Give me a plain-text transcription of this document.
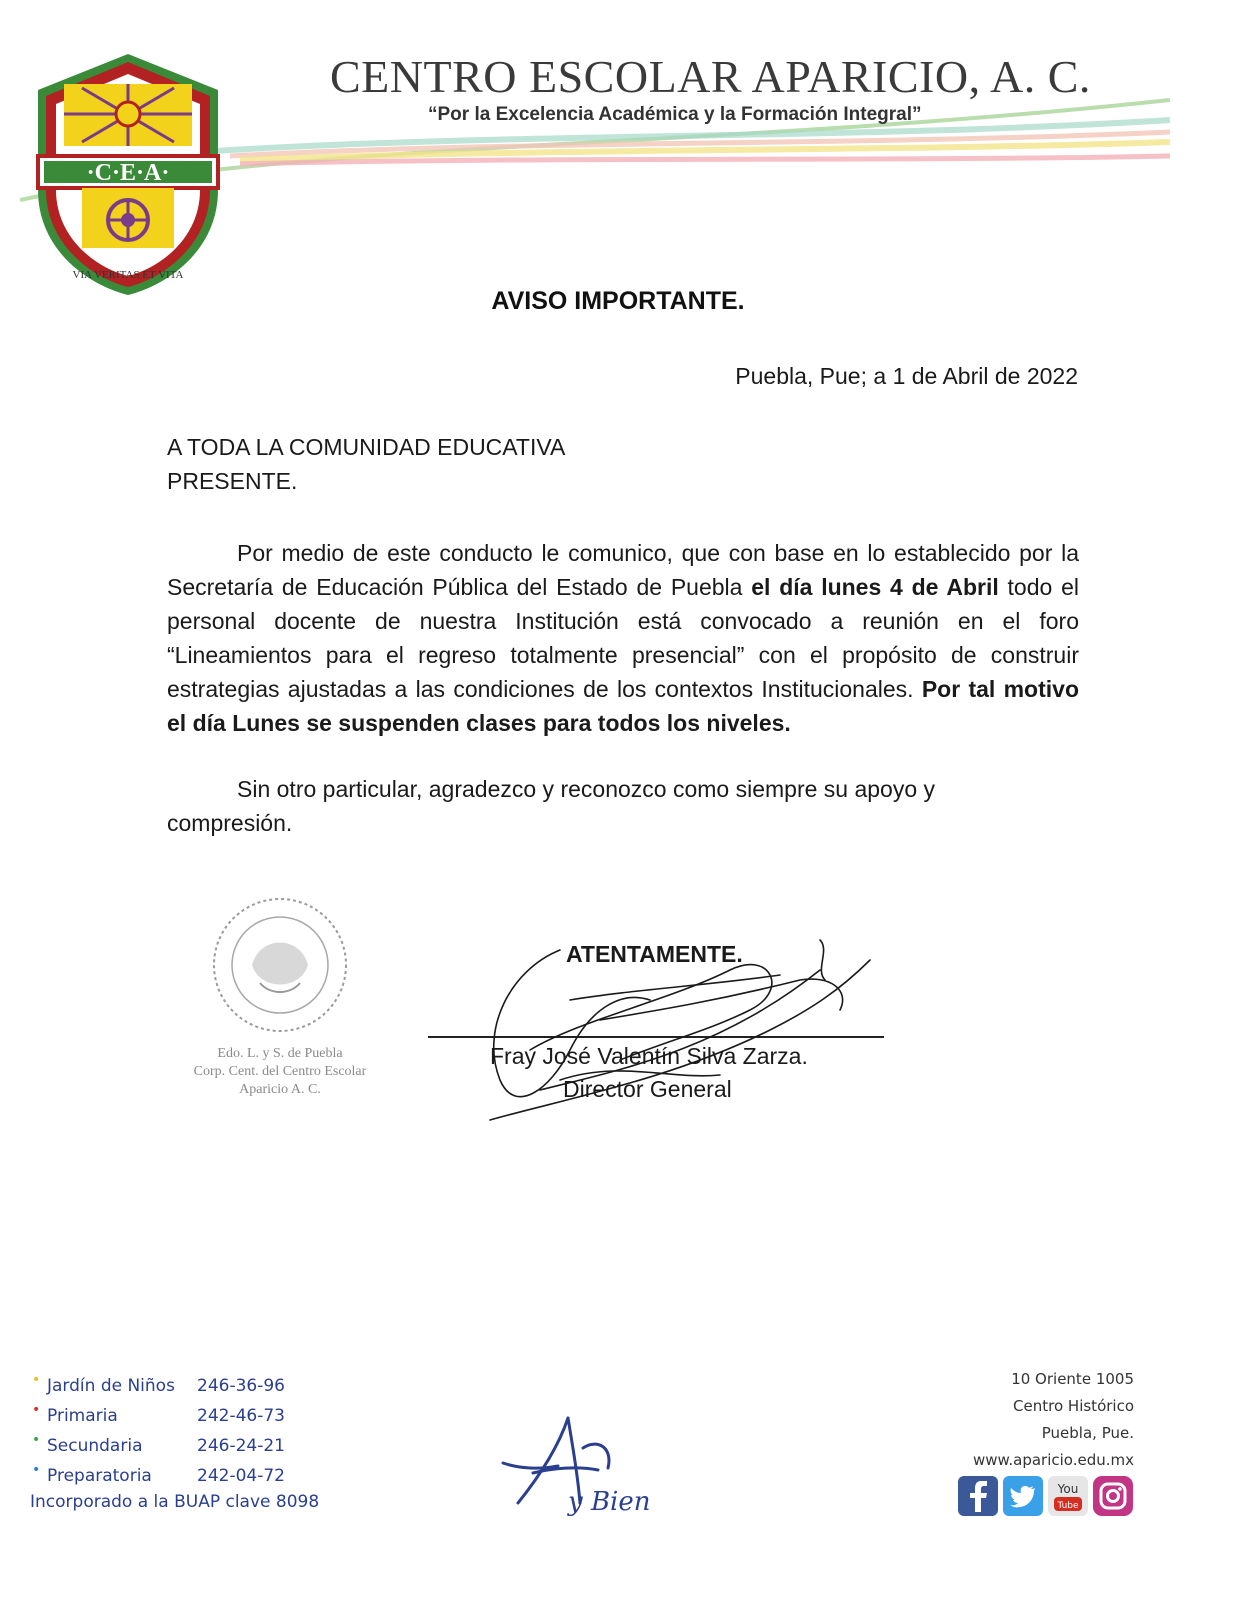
·C·E·A·
VIA VERITAS ET VITA
CENTRO ESCOLAR APARICIO, A. C.
“Por la Excelencia Académica y la Formación Integral”
AVISO IMPORTANTE.
Puebla, Pue; a 1 de Abril de 2022
A TODA LA COMUNIDAD EDUCATIVA
PRESENTE.

Por medio de este conducto le comunico, que con base en lo establecido por la Secretaría de Educación Pública del Estado de Puebla el día lunes 4 de Abril todo el personal docente de nuestra Institución está convocado a reunión en el foro “Lineamientos para el regreso totalmente presencial” con el propósito de construir estrategias ajustadas a las condiciones de los contextos Institucionales. Por tal motivo el día Lunes se suspenden clases para todos los niveles.

Sin otro particular, agradezco y reconozco como siempre su apoyo y compresión.

Edo. L. y S. de Puebla
Corp. Cent. del Centro Escolar
Aparicio A. C.
ATENTAMENTE.
Fray José Valentín Silva Zarza.
Director General
• Jardín de Niños 246-36-96
• Primaria	242-46-73
• Secundaria	246-24-21
• Preparatoria	242-04-72
Incorporado a la BUAP clave 8098	y Bien
10 Oriente 1005
Centro Histórico
Puebla, Pue.
www.aparicio.edu.mx
You
Tube
